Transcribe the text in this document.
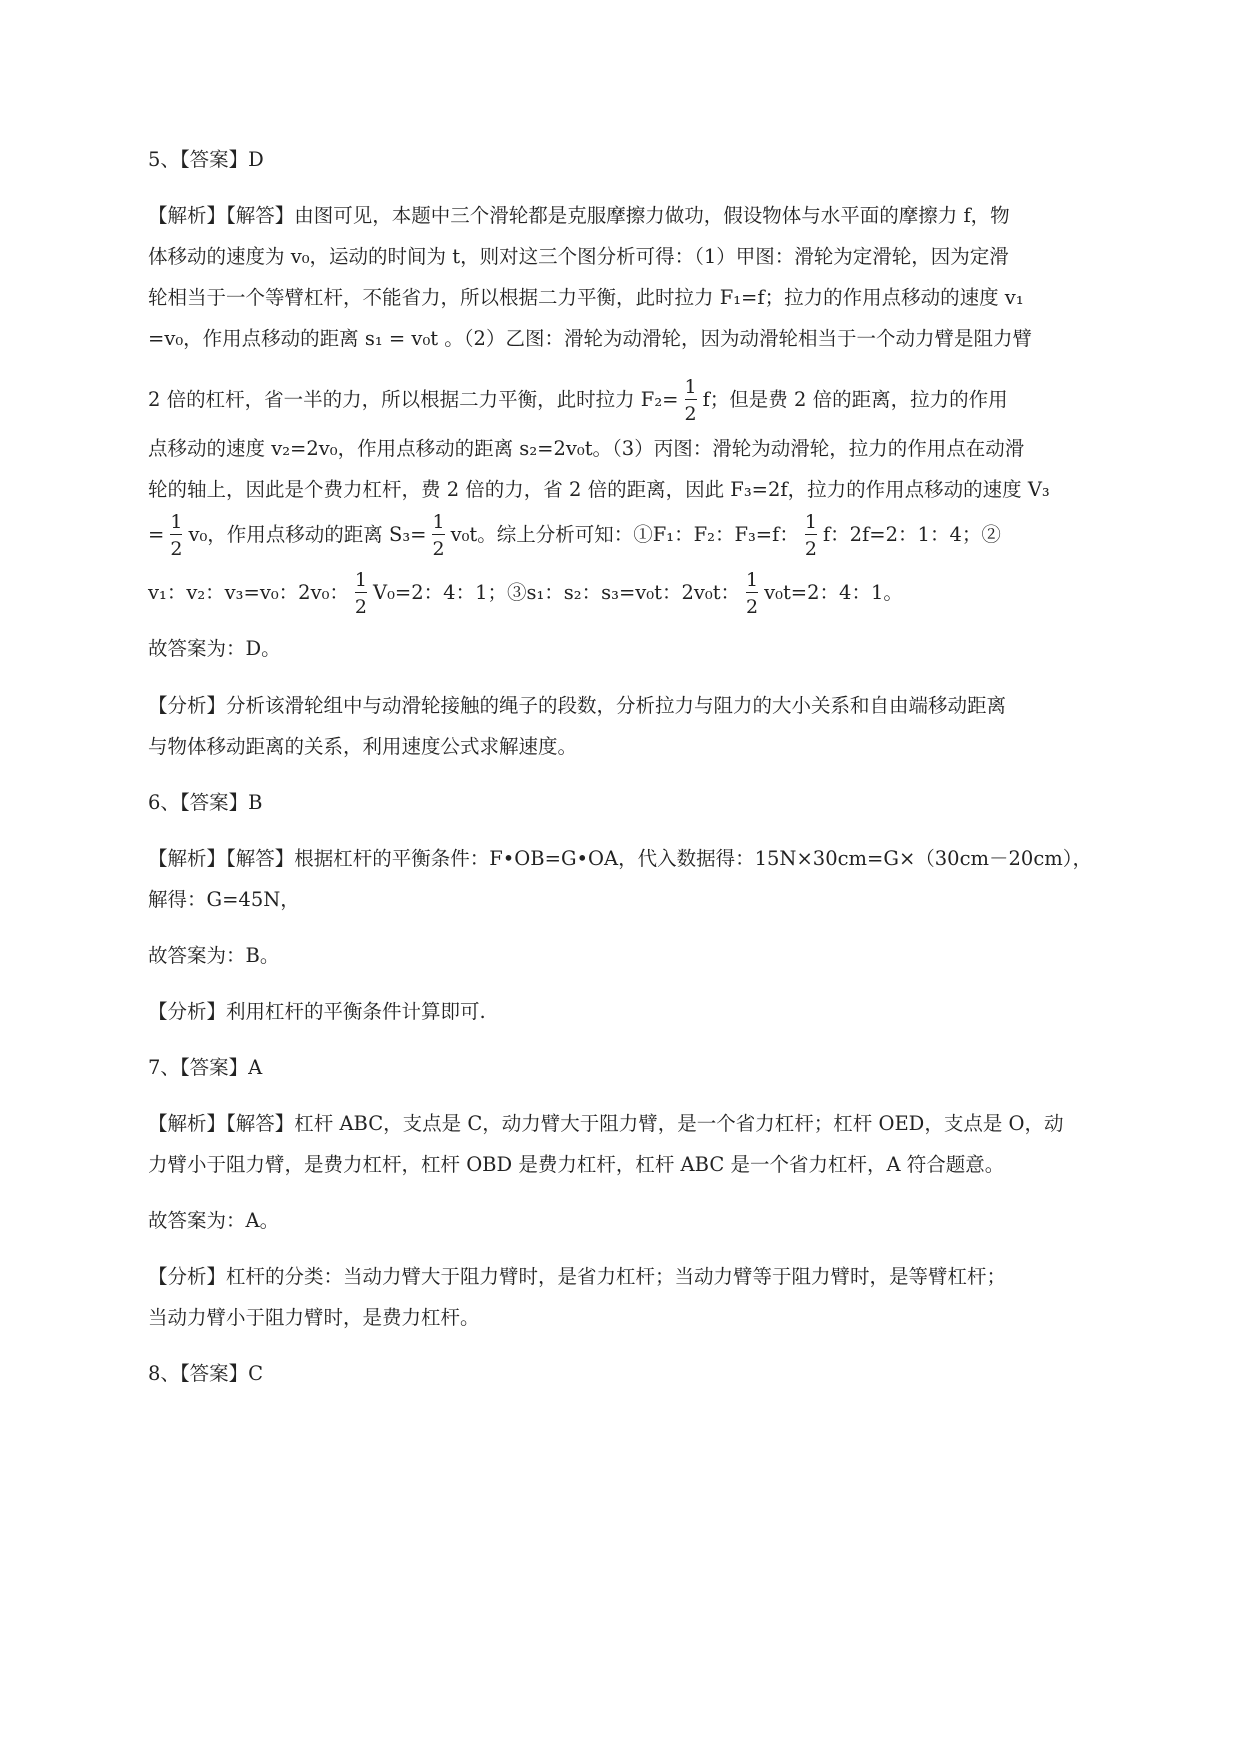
5、【答案】D
【解析】【解答】由图可见，本题中三个滑轮都是克服摩擦力做功，假设物体与水平面的摩擦力 f，物
体移动的速度为 v₀，运动的时间为 t，则对这三个图分析可得：（1）甲图：滑轮为定滑轮，因为定滑
轮相当于一个等臂杠杆，不能省力，所以根据二力平衡，此时拉力 F₁=f；拉力的作用点移动的速度 v₁
=v₀，作用点移动的距离 s₁ = v₀t 。（2）乙图：滑轮为动滑轮，因为动滑轮相当于一个动力臂是阻力臂
2 倍的杠杆，省一半的力，所以根据二力平衡，此时拉力 $F_2= \frac{1}{2}$ f；但是费 2 倍的距离，拉力的作用
点移动的速度 v₂=2v₀，作用点移动的距离 s₂=2v₀t。（3）丙图：滑轮为动滑轮，拉力的作用点在动滑
轮的轴上，因此是个费力杠杆，费 2 倍的力，省 2 倍的距离，因此 F₃=2f，拉力的作用点移动的速度 V₃
= $\frac{1}{2} v_0$，作用点移动的距离 $S_3= \frac{1}{2} v_0t$。综上分析可知：①F₁：F₂：F₃=f： $\frac{1}{2}$ f：2f=2：1：4；②
v₁：v₂：v₃=v₀：2v₀： $\frac{1}{2} V_0=2$：4：1；③s₁：s₂：s₃=v₀t：2v₀t： $\frac{1}{2} v_0t=2$：4：1。
故答案为：D。
【分析】分析该滑轮组中与动滑轮接触的绳子的段数，分析拉力与阻力的大小关系和自由端移动距离
与物体移动距离的关系，利用速度公式求解速度。
6、【答案】B
【解析】【解答】根据杠杆的平衡条件：F•OB=G•OA，代入数据得：15N×30cm=G×（30cm－20cm），
解得：G=45N，
故答案为：B。
【分析】利用杠杆的平衡条件计算即可.
7、【答案】A
【解析】【解答】杠杆 ABC，支点是 C，动力臂大于阻力臂，是一个省力杠杆；杠杆 OED，支点是 O，动
力臂小于阻力臂，是费力杠杆，杠杆 OBD 是费力杠杆，杠杆 ABC 是一个省力杠杆，A 符合题意。
故答案为：A。
【分析】杠杆的分类：当动力臂大于阻力臂时，是省力杠杆；当动力臂等于阻力臂时，是等臂杠杆；
当动力臂小于阻力臂时，是费力杠杆。
8、【答案】C
